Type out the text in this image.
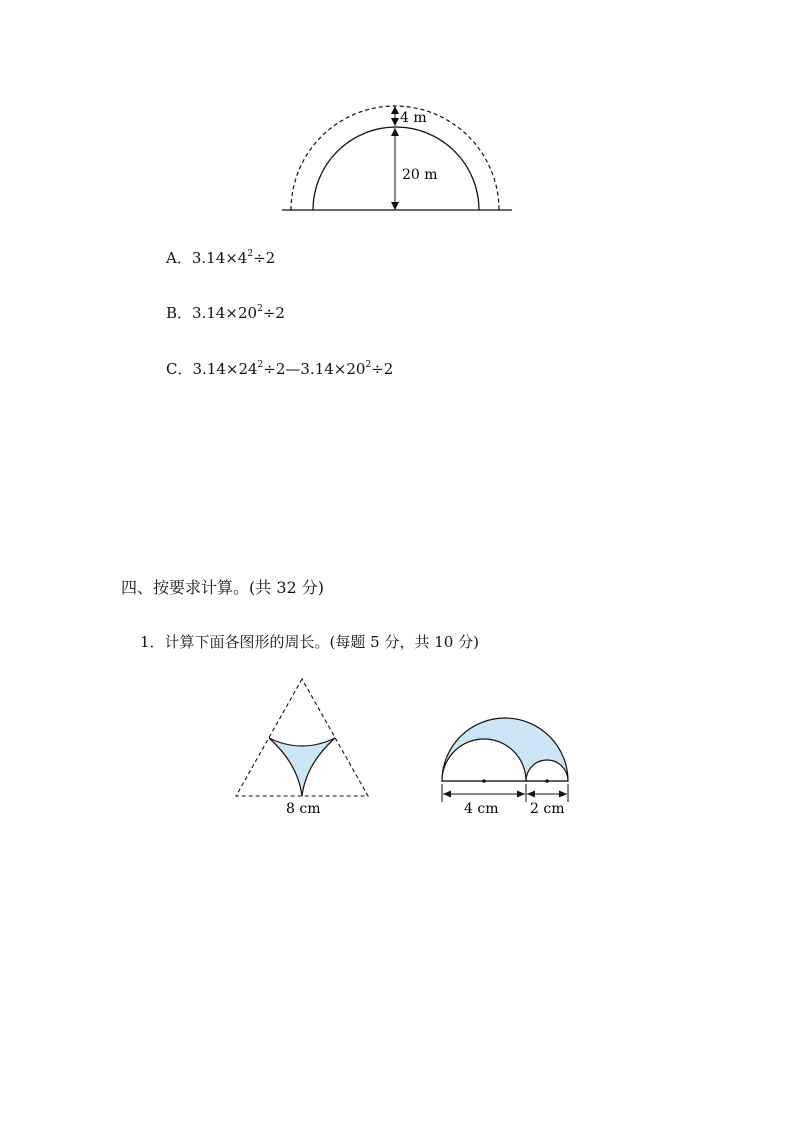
4 m
20 m
A．$3.14\times 4^2\div 2$
B．$3.14\times 20^2\div 2$
C．$3.14\times 24^2\div 2—3.14\times 20^2\div 2$
四、按要求计算。(共 32 分)
1．计算下面各图形的周长。(每题 5 分，共 10 分)
8 cm	4 cm 2 cm
